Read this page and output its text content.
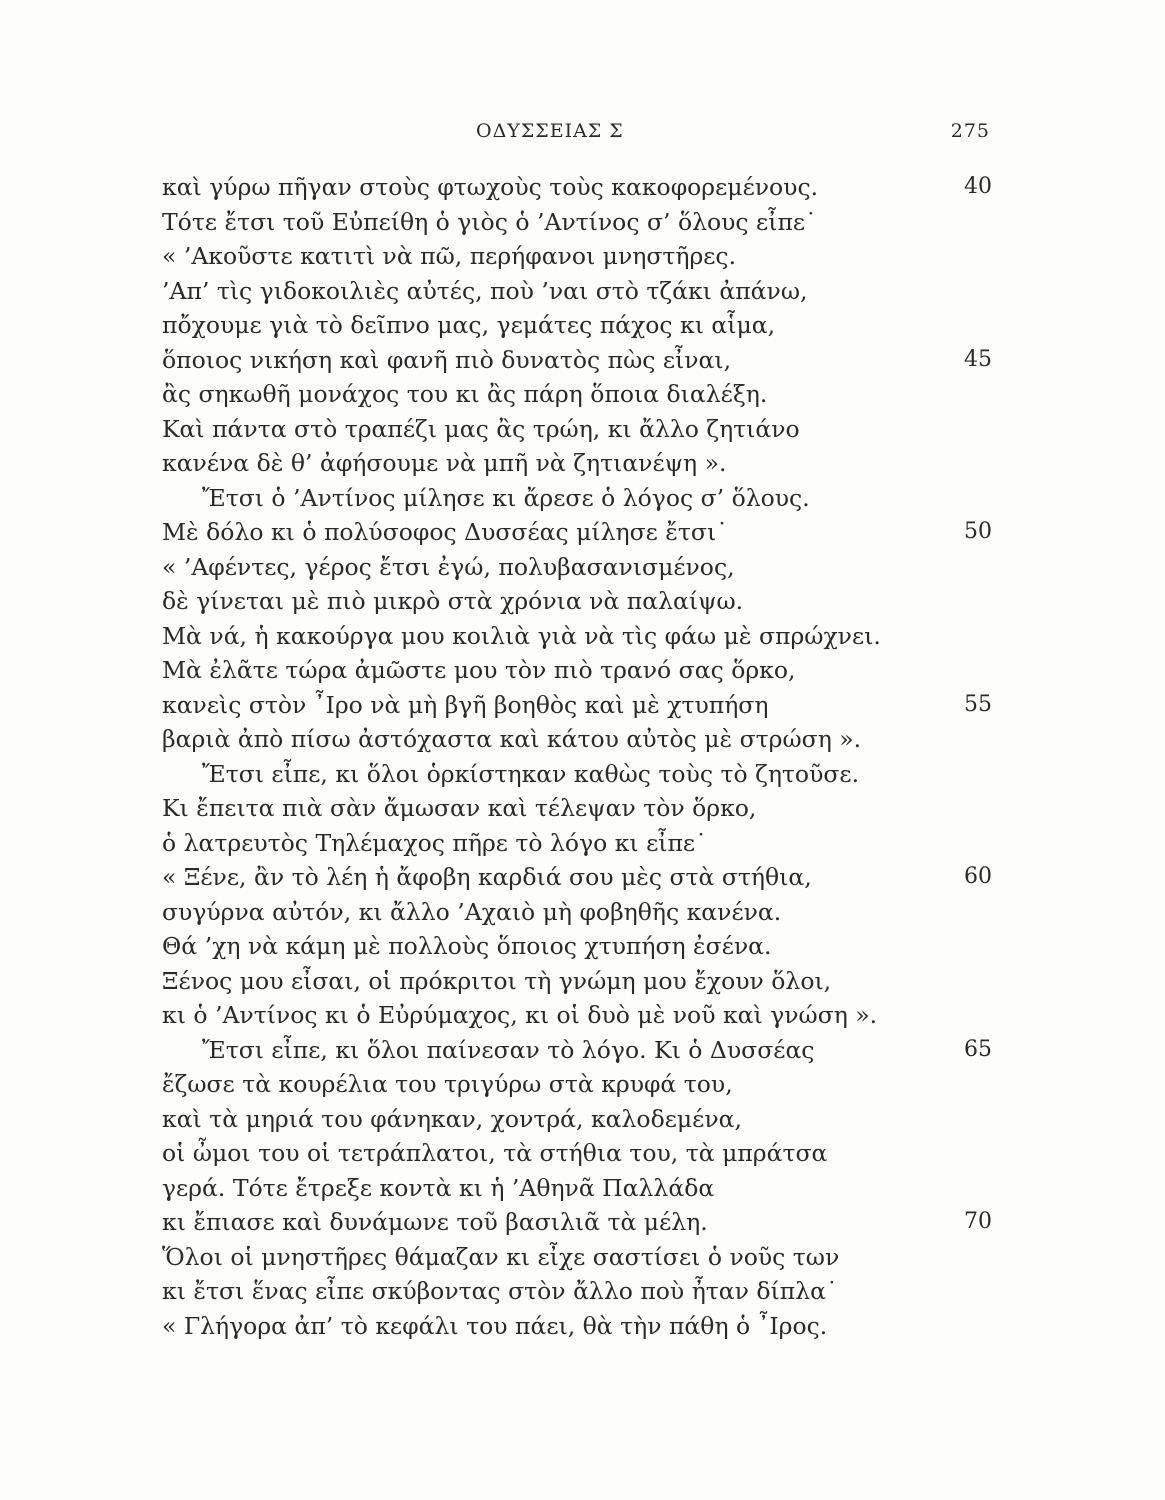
ΟΔΥΣΣΕΙΑΣ Σ	275
καὶ γύρω πῆγαν στοὺς φτωχοὺς τοὺς κακοφορεμένους.	40
Τότε ἔτσι τοῦ Εὐπείθη ὁ γιὸς ὁ ’Αντίνος σ’ ὅλους εἶπε˙
« ’Ακοῦστε κατιτὶ νὰ πῶ, περήφανοι μνηστῆρες.
’Απ’ τὶς γιδοκοιλιὲς αὐτές, ποὺ ’ναι στὸ τζάκι ἀπάνω,
πὄχουμε γιὰ τὸ δεῖπνο μας, γεμάτες πάχος κι αἷμα,
ὅποιος νικήση καὶ φανῆ πιὸ δυνατὸς πὼς εἶναι,	45
ἂς σηκωθῆ μονάχος του κι ἂς πάρη ὅποια διαλέξη.
Καὶ πάντα στὸ τραπέζι μας ἂς τρώη, κι ἄλλο ζητιάνο
κανένα δὲ θ’ ἀφήσουμε νὰ μπῆ νὰ ζητιανέψη ».
Ἔτσι ὁ ’Αντίνος μίλησε κι ἄρεσε ὁ λόγος σ’ ὅλους.
Μὲ δόλο κι ὁ πολύσοφος Δυσσέας μίλησε ἔτσι˙	50
« ’Αφέντες, γέρος ἔτσι ἐγώ, πολυβασανισμένος,
δὲ γίνεται μὲ πιὸ μικρὸ στὰ χρόνια νὰ παλαίψω.
Μὰ νά, ἡ κακούργα μου κοιλιὰ γιὰ νὰ τὶς φάω μὲ σπρώχνει.
Μὰ ἐλᾶτε τώρα ἀμῶστε μου τὸν πιὸ τρανό σας ὅρκο,
κανεὶς στὸν ῏Ιρο νὰ μὴ βγῆ βοηθὸς καὶ μὲ χτυπήση	55
βαριὰ ἀπὸ πίσω ἀστόχαστα καὶ κάτου αὐτὸς μὲ στρώση ».
Ἔτσι εἶπε, κι ὅλοι ὁρκίστηκαν καθὼς τοὺς τὸ ζητοῦσε.
Κι ἔπειτα πιὰ σὰν ἄμωσαν καὶ τέλεψαν τὸν ὅρκο,
ὁ λατρευτὸς Τηλέμαχος πῆρε τὸ λόγο κι εἶπε˙
« Ξένε, ἂν τὸ λέη ἡ ἄφοβη καρδιά σου μὲς στὰ στήθια,	60
συγύρνα αὐτόν, κι ἄλλο ’Αχαιὸ μὴ φοβηθῆς κανένα.
Θά ’χη νὰ κάμη μὲ πολλοὺς ὅποιος χτυπήση ἐσένα.
Ξένος μου εἶσαι, οἱ πρόκριτοι τὴ γνώμη μου ἔχουν ὅλοι,
κι ὁ ’Αντίνος κι ὁ Εὐρύμαχος, κι οἱ δυὸ μὲ νοῦ καὶ γνώση ».
Ἔτσι εἶπε, κι ὅλοι παίνεσαν τὸ λόγο. Κι ὁ Δυσσέας	65
ἔζωσε τὰ κουρέλια του τριγύρω στὰ κρυφά του,
καὶ τὰ μηριά του φάνηκαν, χοντρά, καλοδεμένα,
οἱ ὦμοι του οἱ τετράπλατοι, τὰ στήθια του, τὰ μπράτσα
γερά. Τότε ἔτρεξε κοντὰ κι ἡ ’Αθηνᾶ Παλλάδα
κι ἔπιασε καὶ δυνάμωνε τοῦ βασιλιᾶ τὰ μέλη.	70
Ὅλοι οἱ μνηστῆρες θάμαζαν κι εἶχε σαστίσει ὁ νοῦς των
κι ἔτσι ἕνας εἶπε σκύβοντας στὸν ἄλλο ποὺ ἦταν δίπλα˙
« Γλήγορα ἀπ’ τὸ κεφάλι του πάει, θὰ τὴν πάθη ὁ ῏Ιρος.
